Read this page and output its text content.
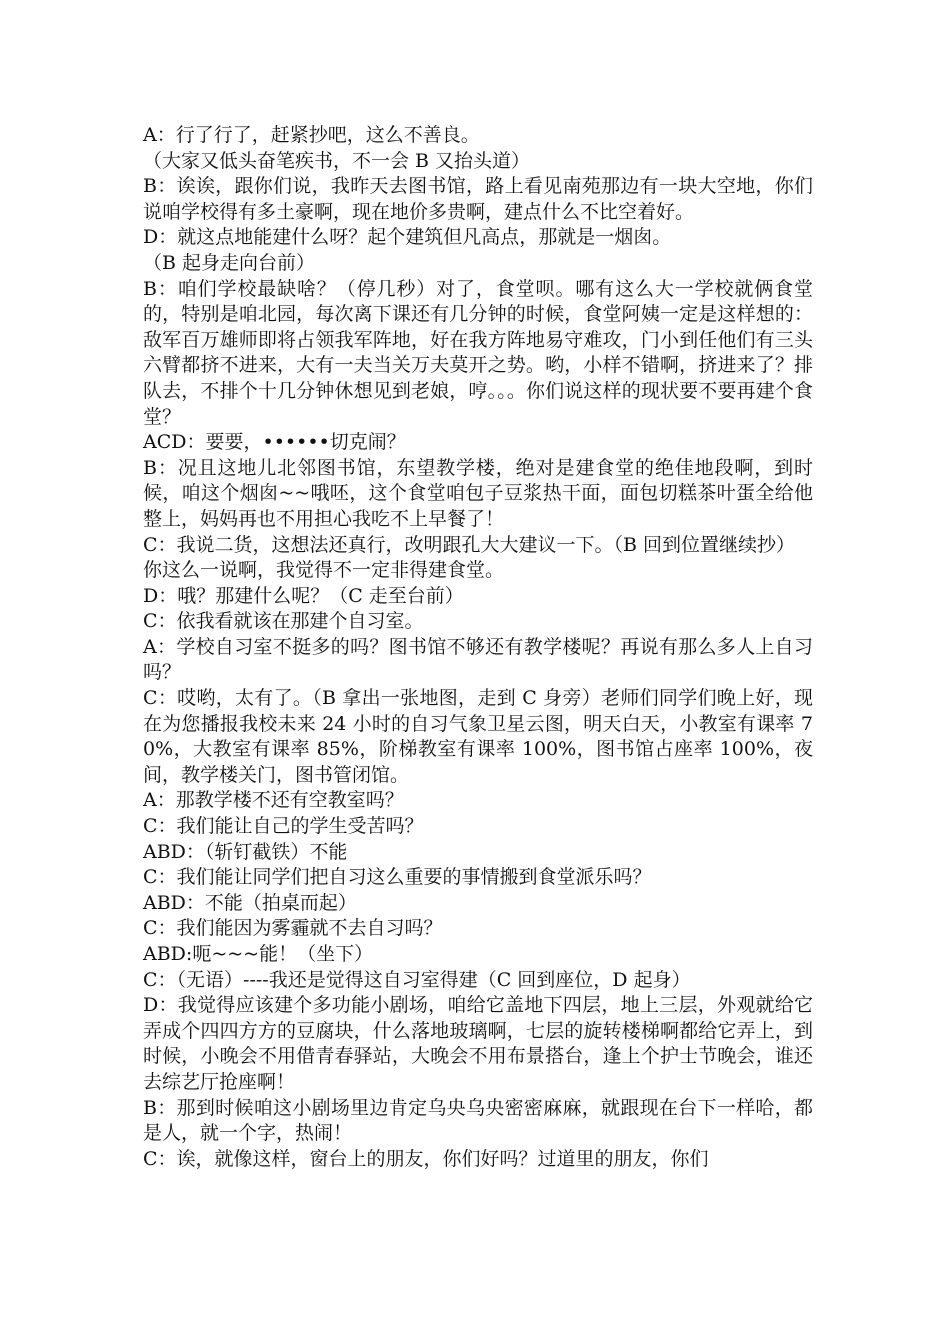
A：行了行了，赶紧抄吧，这么不善良。

（大家又低头奋笔疾书，不一会 B 又抬头道）

B：诶诶，跟你们说，我昨天去图书馆，路上看见南苑那边有一块大空地，你们说咱学校得有多土豪啊，现在地价多贵啊，建点什么不比空着好。

D：就这点地能建什么呀？起个建筑但凡高点，那就是一烟囱。

（B 起身走向台前）

B：咱们学校最缺啥？（停几秒）对了，食堂呗。哪有这么大一学校就俩食堂的，特别是咱北园，每次离下课还有几分钟的时候，食堂阿姨一定是这样想的：敌军百万雄师即将占领我军阵地，好在我方阵地易守难攻，门小到任他们有三头六臂都挤不进来，大有一夫当关万夫莫开之势。哟，小样不错啊，挤进来了？排队去，不排个十几分钟休想见到老娘，哼。。。你们说这样的现状要不要再建个食堂？

ACD：要要，••••••切克闹？

B：况且这地儿北邻图书馆，东望教学楼，绝对是建食堂的绝佳地段啊，到时候，咱这个烟囱~~哦呸，这个食堂咱包子豆浆热干面，面包切糕茶叶蛋全给他整上，妈妈再也不用担心我吃不上早餐了！

C：我说二货，这想法还真行，改明跟孔大大建议一下。（B 回到位置继续抄）

你这么一说啊，我觉得不一定非得建食堂。

D：哦？那建什么呢？（C 走至台前）

C：依我看就该在那建个自习室。

A：学校自习室不挺多的吗？图书馆不够还有教学楼呢？再说有那么多人上自习吗？

C：哎哟，太有了。（B 拿出一张地图，走到 C 身旁）老师们同学们晚上好，现在为您播报我校未来 24 小时的自习气象卫星云图，明天白天，小教室有课率 70%，大教室有课率 85%，阶梯教室有课率 100%，图书馆占座率 100%，夜间，教学楼关门，图书管闭馆。

A：那教学楼不还有空教室吗？

C：我们能让自己的学生受苦吗？

ABD：（斩钉截铁）不能

C：我们能让同学们把自习这么重要的事情搬到食堂派乐吗？

ABD：不能（拍桌而起）

C：我们能因为雾霾就不去自习吗？

ABD:呃~~~能！（坐下）

C：（无语）----我还是觉得这自习室得建（C 回到座位，D 起身）

D：我觉得应该建个多功能小剧场，咱给它盖地下四层，地上三层，外观就给它弄成个四四方方的豆腐块，什么落地玻璃啊，七层的旋转楼梯啊都给它弄上，到时候，小晚会不用借青春驿站，大晚会不用布景搭台，逢上个护士节晚会，谁还去综艺厅抢座啊！

B：那到时候咱这小剧场里边肯定乌央乌央密密麻麻，就跟现在台下一样哈，都是人，就一个字，热闹！

C：诶，就像这样，窗台上的朋友，你们好吗？过道里的朋友，你们
